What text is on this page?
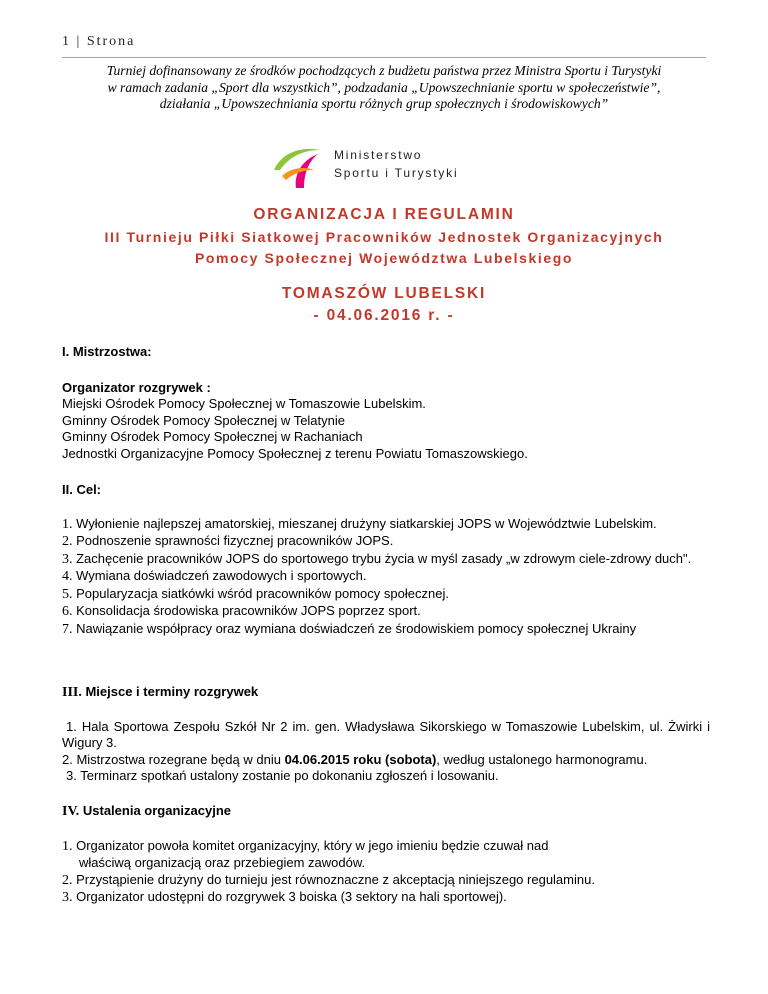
1 | Strona
Turniej dofinansowany ze środków pochodzących z budżetu państwa przez Ministra Sportu i Turystyki
w ramach zadania „Sport dla wszystkich”, podzadania „Upowszechnianie sportu w społeczeństwie”,
działania „Upowszechniania sportu różnych grup społecznych i środowiskowych”
Ministerstwo
Sportu i Turystyki
ORGANIZACJA I REGULAMIN
III Turnieju Piłki Siatkowej Pracowników Jednostek Organizacyjnych
Pomocy Społecznej Województwa Lubelskiego
TOMASZÓW LUBELSKI
- 04.06.2016 r. -
I. Mistrzostwa:
Organizator rozgrywek :
Miejski Ośrodek Pomocy Społecznej w Tomaszowie Lubelskim.
Gminny Ośrodek Pomocy Społecznej w Telatynie
Gminny Ośrodek Pomocy Społecznej w Rachaniach
Jednostki Organizacyjne Pomocy Społecznej z terenu Powiatu Tomaszowskiego.
II. Cel:
1. Wyłonienie najlepszej amatorskiej, mieszanej drużyny siatkarskiej JOPS w Województwie Lubelskim.
2. Podnoszenie sprawności fizycznej pracowników JOPS.
3. Zachęcenie pracowników JOPS do sportowego trybu życia w myśl zasady „w zdrowym ciele-zdrowy duch".
4. Wymiana doświadczeń zawodowych i sportowych.
5. Popularyzacja siatkówki wśród pracowników pomocy społecznej.
6. Konsolidacja środowiska pracowników JOPS poprzez sport.
7. Nawiązanie współpracy oraz wymiana doświadczeń ze środowiskiem pomocy społecznej Ukrainy
III. Miejsce i terminy rozgrywek
1. Hala Sportowa Zespołu Szkół Nr 2 im. gen. Władysława Sikorskiego w Tomaszowie Lubelskim, ul. Żwirki i Wigury 3.
2. Mistrzostwa rozegrane będą w dniu 04.06.2015 roku (sobota), według ustalonego harmonogramu.
3. Terminarz spotkań ustalony zostanie po dokonaniu zgłoszeń i losowaniu.
IV. Ustalenia organizacyjne
1. Organizator powoła komitet organizacyjny, który w jego imieniu będzie czuwał nad
właściwą organizacją oraz przebiegiem zawodów.
2. Przystąpienie drużyny do turnieju jest równoznaczne z akceptacją niniejszego regulaminu.
3. Organizator udostępni do rozgrywek 3 boiska (3 sektory na hali sportowej).
